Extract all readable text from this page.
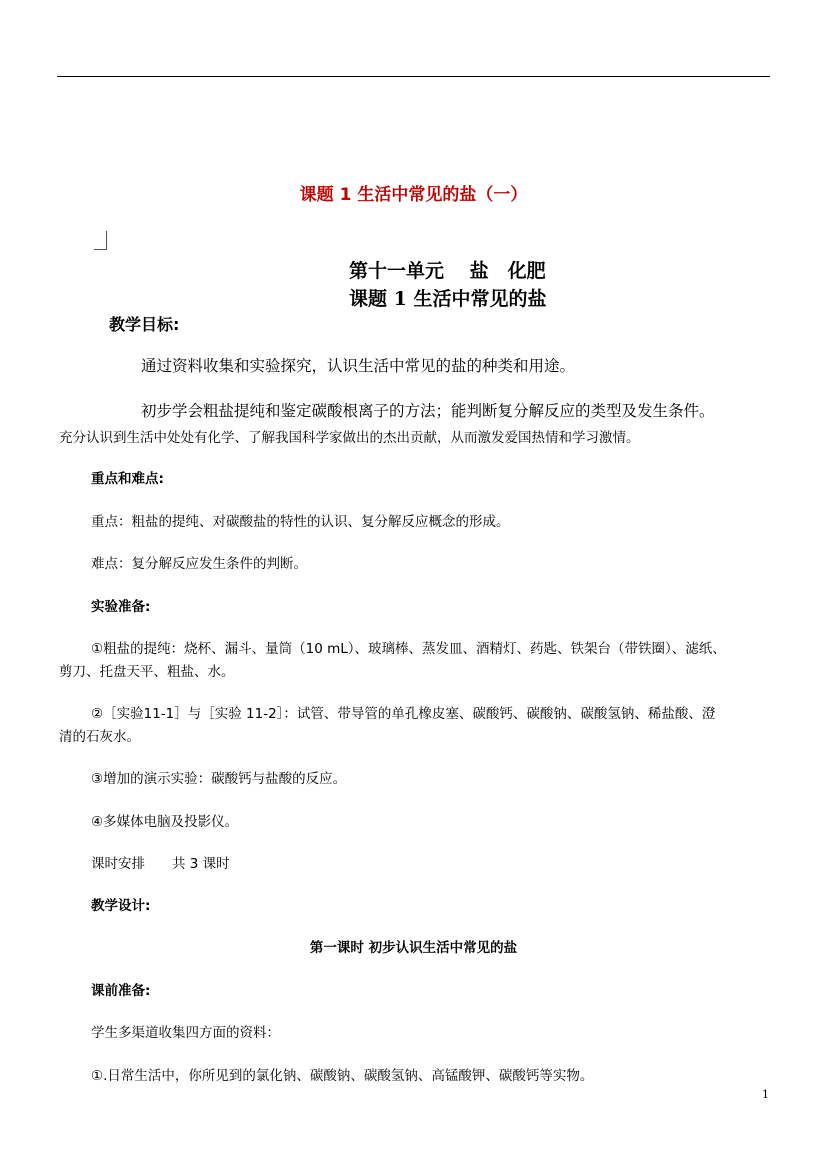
课题 1 生活中常见的盐（一）
第十一单元　 盐　化肥
课题 1 生活中常见的盐
教学目标:
通过资料收集和实验探究，认识生活中常见的盐的种类和用途。
初步学会粗盐提纯和鉴定碳酸根离子的方法；能判断复分解反应的类型及发生条件。
充分认识到生活中处处有化学、了解我国科学家做出的杰出贡献，从而激发爱国热情和学习激情。
重点和难点:
重点：粗盐的提纯、对碳酸盐的特性的认识、复分解反应概念的形成。
难点：复分解反应发生条件的判断。
实验准备:
①粗盐的提纯：烧杯、漏斗、量筒（10 mL）、玻璃棒、蒸发皿、酒精灯、药匙、铁架台（带铁圈）、滤纸、
剪刀、托盘天平、粗盐、水。
②［实验11-1］与［实验 11-2］：试管、带导管的单孔橡皮塞、碳酸钙、碳酸钠、碳酸氢钠、稀盐酸、澄
清的石灰水。
③增加的演示实验：碳酸钙与盐酸的反应。
④多媒体电脑及投影仪。
课时安排　　共 3 课时
教学设计:
第一课时 初步认识生活中常见的盐
课前准备:
学生多渠道收集四方面的资料：
①.日常生活中，你所见到的氯化钠、碳酸钠、碳酸氢钠、高锰酸钾、碳酸钙等实物。
1
